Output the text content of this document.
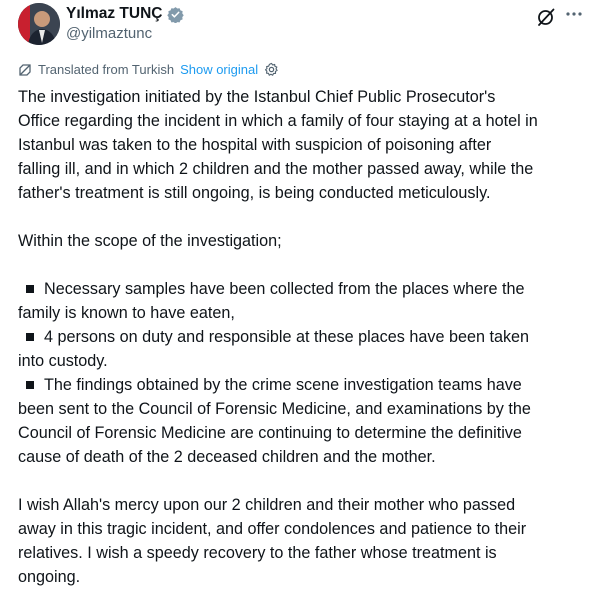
Yılmaz TUNÇ
@yilmaztunc
Translated from Turkish Show original

The investigation initiated by the Istanbul Chief Public Prosecutor's
Office regarding the incident in which a family of four staying at a hotel in
Istanbul was taken to the hospital with suspicion of poisoning after
falling ill, and in which 2 children and the mother passed away, while the
father's treatment is still ongoing, is being conducted meticulously.

Within the scope of the investigation;

Necessary samples have been collected from the places where the
family is known to have eaten,

4 persons on duty and responsible at these places have been taken
into custody.

The findings obtained by the crime scene investigation teams have
been sent to the Council of Forensic Medicine, and examinations by the
Council of Forensic Medicine are continuing to determine the definitive
cause of death of the 2 deceased children and the mother.

I wish Allah's mercy upon our 2 children and their mother who passed
away in this tragic incident, and offer condolences and patience to their
relatives. I wish a speedy recovery to the father whose treatment is
ongoing.
